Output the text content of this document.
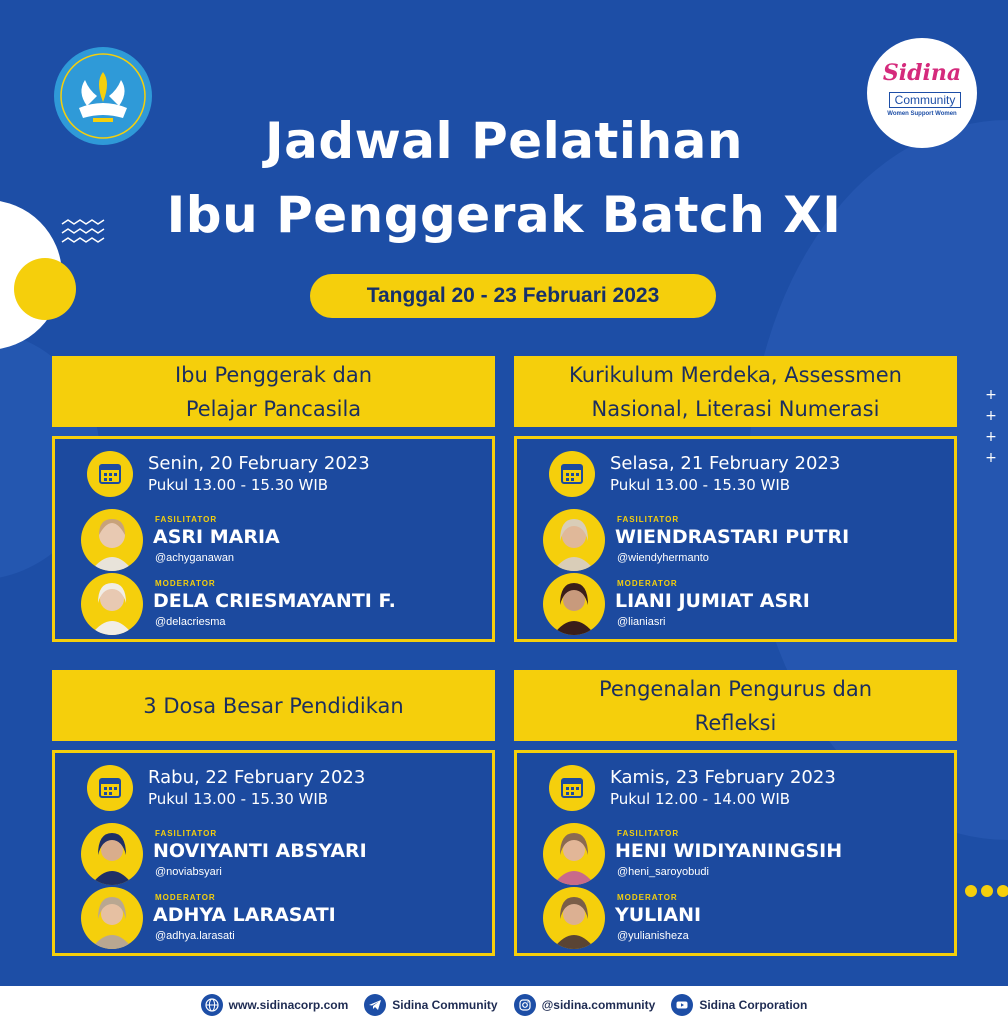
+
+
+
+
Sidina
Community
Women Support Women
Jadwal Pelatihan
Ibu Penggerak Batch XI
Tanggal 20 - 23 Februari 2023
Ibu Penggerak dan
Pelajar Pancasila
Senin, 20 February 2023
Pukul 13.00 - 15.30 WIB
FASILITATOR
ASRI MARIA
@achyganawan
MODERATOR
DELA CRIESMAYANTI F.
@delacriesma
Kurikulum Merdeka, Assessmen
Nasional, Literasi Numerasi
Selasa, 21 February 2023
Pukul 13.00 - 15.30 WIB
FASILITATOR
WIENDRASTARI PUTRI
@wiendyhermanto
MODERATOR
LIANI JUMIAT ASRI
@lianiasri
3 Dosa Besar Pendidikan
Rabu, 22 February 2023
Pukul 13.00 - 15.30 WIB
FASILITATOR
NOVIYANTI ABSYARI
@noviabsyari
MODERATOR
ADHYA LARASATI
@adhya.larasati
Pengenalan Pengurus dan
Refleksi
Kamis, 23 February 2023
Pukul 12.00 - 14.00 WIB
FASILITATOR
HENI WIDIYANINGSIH
@heni_saroyobudi
MODERATOR
YULIANI
@yulianisheza
www.sidinacorp.com	Sidina Community	@sidina.community	Sidina Corporation
